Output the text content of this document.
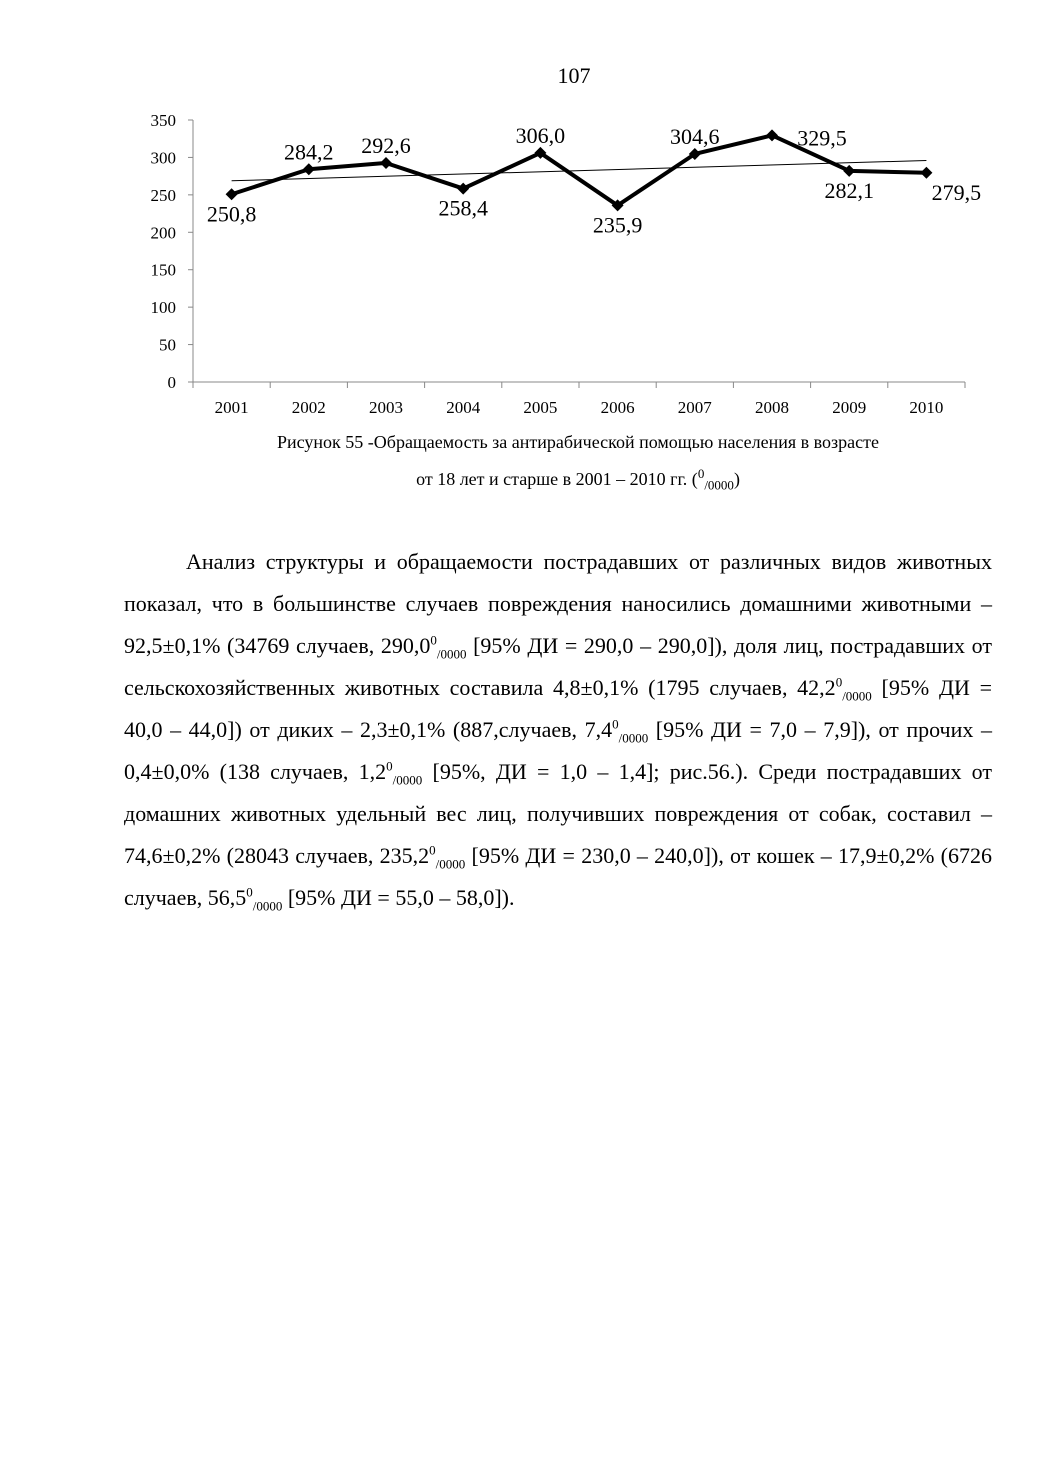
107
0
50
100
150
200
250
300
350
2001	2002	2003	2004	2005	2006	2007	2008	2009	2010
250,8
284,2 292,6
258,4
306,0
235,9
304,6	329,5
282,1	279,5
Рисунок 55 -Обращаемость за антирабической помощью населения в возрасте
от 18 лет и старше в 2001 – 2010 гг. ($^0_{/0000}$)

Анализ структуры и обращаемости пострадавших от различных видов животных показал, что в большинстве случаев повреждения наносились домашними животными – 92,5±0,1% (34769 случаев, $290,0^0_{/0000}$ [95% ДИ = 290,0 – 290,0]), доля лиц, пострадавших от сельскохозяйственных животных составила 4,8±0,1% (1795 случаев, $42,2^0_{/0000}$ [95% ДИ = 40,0 – 44,0]) от диких – 2,3±0,1% (887,случаев, $7,4^0_{/0000}$ [95% ДИ = 7,0 – 7,9]), от прочих – 0,4±0,0% (138 случаев, $1,2^0_{/0000}$ [95%, ДИ = 1,0 – 1,4]; рис.56.). Среди пострадавших от домашних животных удельный вес лиц, получивших повреждения от собак, составил – 74,6±0,2% (28043 случаев, $235,2^0_{/0000}$ [95% ДИ = 230,0 – 240,0]), от кошек – 17,9±0,2% (6726 случаев, $56,5^0_{/0000}$ [95% ДИ = 55,0 – 58,0]).
